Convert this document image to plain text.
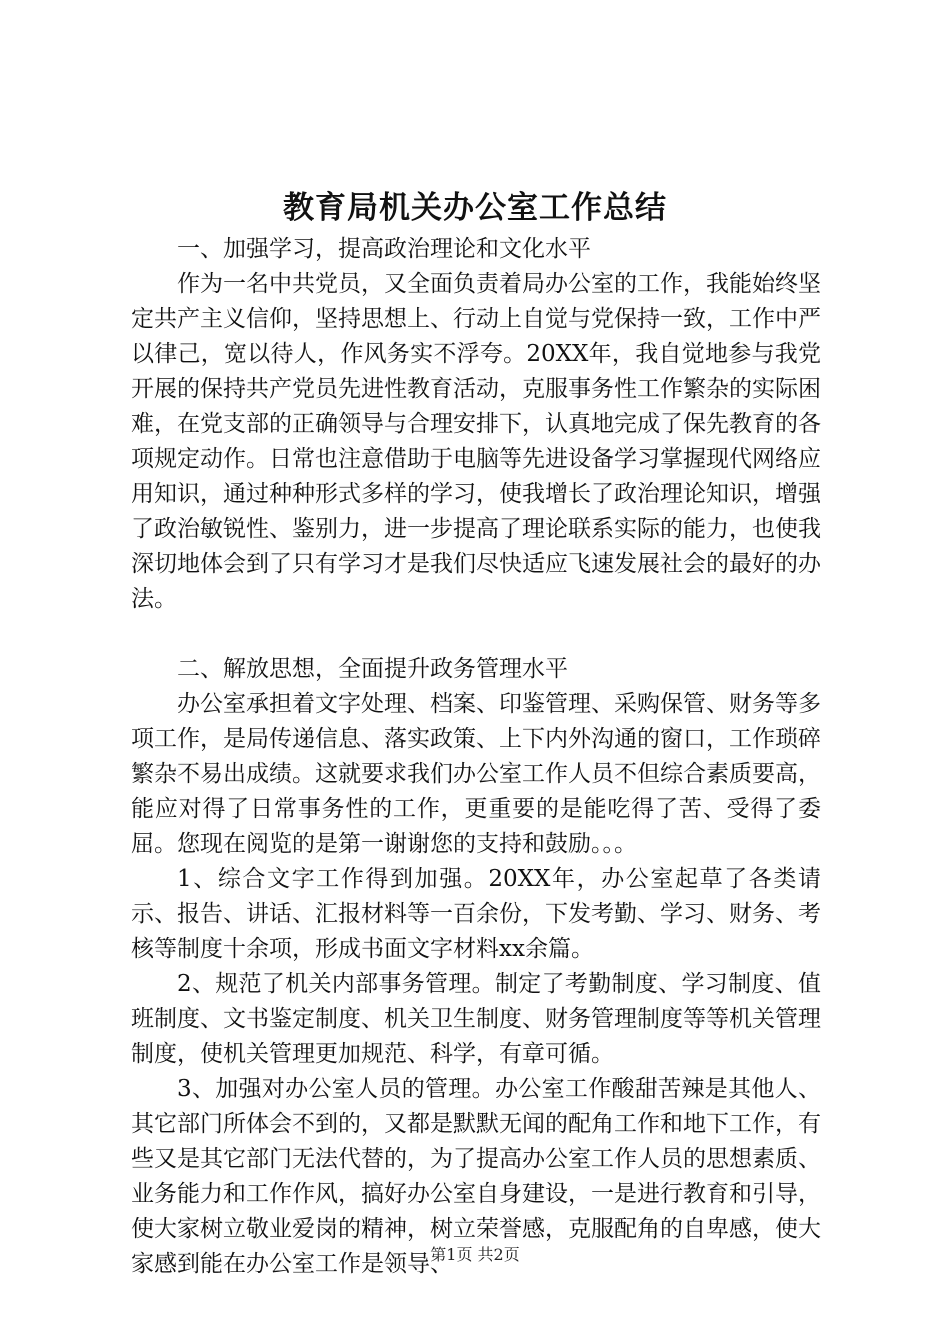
教育局机关办公室工作总结

一、加强学习，提高政治理论和文化水平

作为一名中共党员，又全面负责着局办公室的工作，我能始终坚定共产主义信仰，坚持思想上、行动上自觉与党保持一致，工作中严以律己，宽以待人，作风务实不浮夸。20XX年，我自觉地参与我党开展的保持共产党员先进性教育活动，克服事务性工作繁杂的实际困难，在党支部的正确领导与合理安排下，认真地完成了保先教育的各项规定动作。日常也注意借助于电脑等先进设备学习掌握现代网络应用知识，通过种种形式多样的学习，使我增长了政治理论知识，增强了政治敏锐性、鉴别力，进一步提高了理论联系实际的能力，也使我深切地体会到了只有学习才是我们尽快适应飞速发展社会的最好的办法。

二、解放思想，全面提升政务管理水平

办公室承担着文字处理、档案、印鉴管理、采购保管、财务等多项工作，是局传递信息、落实政策、上下内外沟通的窗口，工作琐碎繁杂不易出成绩。这就要求我们办公室工作人员不但综合素质要高，能应对得了日常事务性的工作，更重要的是能吃得了苦、受得了委屈。您现在阅览的是第一谢谢您的支持和鼓励。。。

1、综合文字工作得到加强。20XX年，办公室起草了各类请示、报告、讲话、汇报材料等一百余份，下发考勤、学习、财务、考核等制度十余项，形成书面文字材料xx余篇。

2、规范了机关内部事务管理。制定了考勤制度、学习制度、值班制度、文书鉴定制度、机关卫生制度、财务管理制度等等机关管理制度，使机关管理更加规范、科学，有章可循。

3、加强对办公室人员的管理。办公室工作酸甜苦辣是其他人、其它部门所体会不到的，又都是默默无闻的配角工作和地下工作，有些又是其它部门无法代替的，为了提高办公室工作人员的思想素质、业务能力和工作作风，搞好办公室自身建设，一是进行教育和引导，使大家树立敬业爱岗的精神，树立荣誉感，克服配角的自卑感，使大家感到能在办公室工作是领导、

第1页 共2页
